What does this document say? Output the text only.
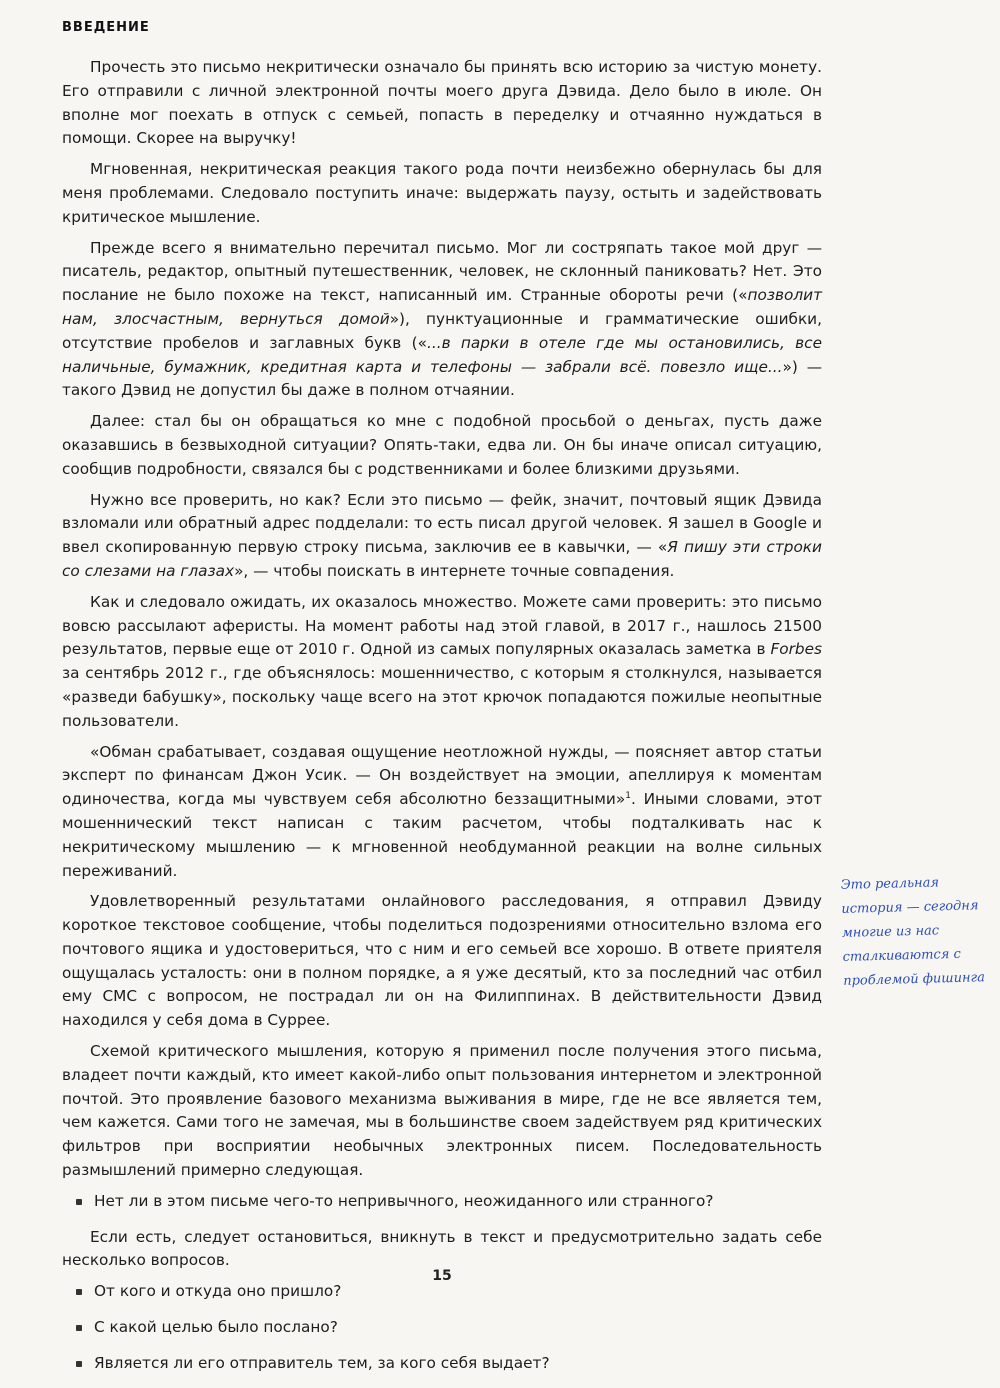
ВВЕДЕНИЕ

Прочесть это письмо некритически означало бы принять всю историю за чистую монету. Его отправили с личной электронной почты моего друга Дэвида. Дело было в июле. Он вполне мог поехать в отпуск с семьей, попасть в переделку и отчаянно нуждаться в помощи. Скорее на выручку!

Мгновенная, некритическая реакция такого рода почти неизбежно обернулась бы для меня проблемами. Следовало поступить иначе: выдержать паузу, остыть и задействовать критическое мышление.

Прежде всего я внимательно перечитал письмо. Мог ли состряпать такое мой друг — писатель, редактор, опытный путешественник, человек, не склонный паниковать? Нет. Это послание не было похоже на текст, написанный им. Странные обороты речи («позволит нам, злосчастным, вернуться домой»), пунктуационные и грамматические ошибки, отсутствие пробелов и заглавных букв («...в парки в отеле где мы остановились, все наличьные, бумажник, кредитная карта и телефоны — забрали всё. повезло ище...») — такого Дэвид не допустил бы даже в полном отчаянии.

Далее: стал бы он обращаться ко мне с подобной просьбой о деньгах, пусть даже оказавшись в безвыходной ситуации? Опять-таки, едва ли. Он бы иначе описал ситуацию, сообщив подробности, связался бы с родственниками и более близкими друзьями.

Нужно все проверить, но как? Если это письмо — фейк, значит, почтовый ящик Дэвида взломали или обратный адрес подделали: то есть писал другой человек. Я зашел в Google и ввел скопированную первую строку письма, заключив ее в кавычки, — «Я пишу эти строки со слезами на глазах», — чтобы поискать в интернете точные совпадения.

Как и следовало ожидать, их оказалось множество. Можете сами проверить: это письмо вовсю рассылают аферисты. На момент работы над этой главой, в 2017 г., нашлось 21500 результатов, первые еще от 2010 г. Одной из самых популярных оказалась заметка в Forbes за сентябрь 2012 г., где объяснялось: мошенничество, с которым я столкнулся, называется «разведи бабушку», поскольку чаще всего на этот крючок попадаются пожилые неопытные пользователи.

«Обман срабатывает, создавая ощущение неотложной нужды, — поясняет автор статьи эксперт по финансам Джон Усик. — Он воздействует на эмоции, апеллируя к моментам одиночества, когда мы чувствуем себя абсолютно беззащитными»$^1$. Иными словами, этот мошеннический текст написан с таким расчетом, чтобы подталкивать нас к некритическому мышлению — к мгновенной необдуманной реакции на волне сильных переживаний.

Удовлетворенный результатами онлайнового расследования, я отправил Дэвиду короткое текстовое сообщение, чтобы поделиться подозрениями относительно взлома его почтового ящика и удостовериться, что с ним и его семьей все хорошо. В ответе приятеля ощущалась усталость: они в полном порядке, а я уже десятый, кто за последний час отбил ему СМС с вопросом, не пострадал ли он на Филиппинах. В действительности Дэвид находился у себя дома в Суррее.

Схемой критического мышления, которую я применил после получения этого письма, владеет почти каждый, кто имеет какой-либо опыт пользования интернетом и электронной почтой. Это проявление базового механизма выживания в мире, где не все является тем, чем кажется. Сами того не замечая, мы в большинстве своем задействуем ряд критических фильтров при восприятии необычных электронных писем. Последовательность размышлений примерно следующая.

Нет ли в этом письме чего-то непривычного, неожиданного или странного?

Если есть, следует остановиться, вникнуть в текст и предусмотрительно задать себе несколько вопросов.

От кого и откуда оно пришло?
С какой целью было послано?
Является ли его отправитель тем, за кого себя выдает?
Это реальная история — сегодня многие из нас сталкиваются с проблемой фишинга
15
